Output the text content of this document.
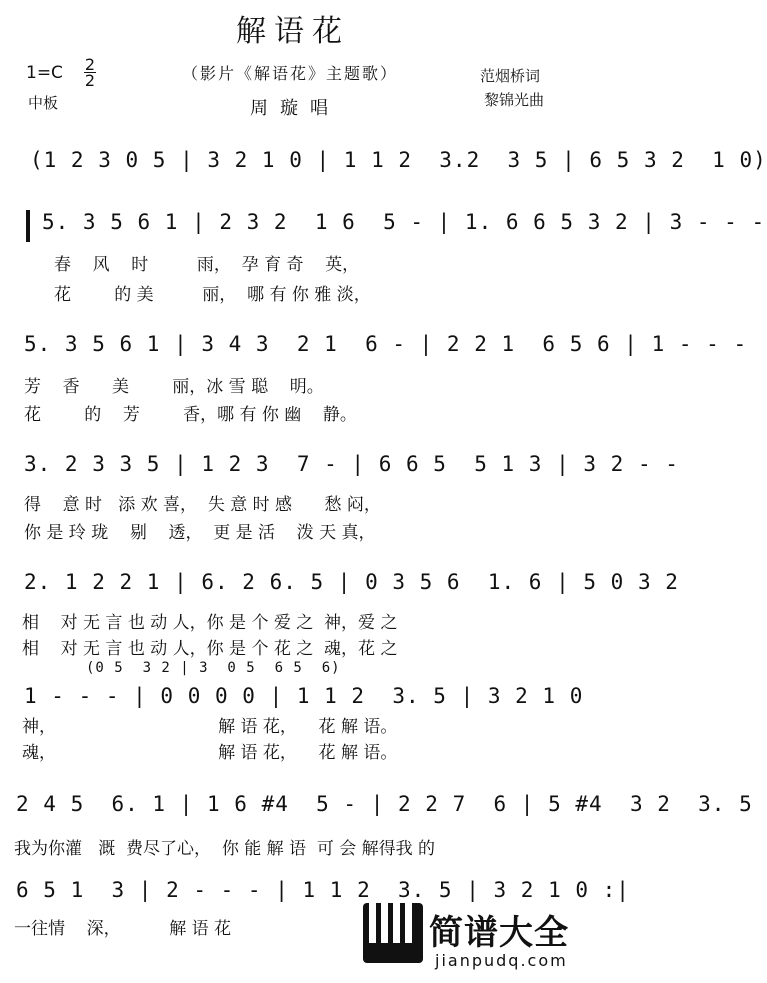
解语花
1=C 2
2
中板
（影片《解语花》主题歌）
周璇唱
范烟桥词
黎锦光曲
(1 2 3 0 5 | 3 2 1 0 | 1 1 2  3.2  3 5 | 6 5 3 2  1 0)
5. 3 5 6 1 | 2 3 2  1 6  5 - | 1. 6 6 5 3 2 | 3 - - -
春    风    时         雨，  孕 育 奇    英，
花        的 美         丽，  哪 有 你 雅 淡，
5. 3 5 6 1 | 3 4 3  2 1  6 - | 2 2 1  6 5 6 | 1 - - -
芳    香      美        丽，冰 雪 聪    明。
花        的    芳        香，哪 有 你 幽    静。
3. 2 3 3 5 | 1 2 3  7 - | 6 6 5  5 1 3 | 3 2 - -
得    意 时   添 欢 喜，  失 意 时 感      愁 闷，
你 是 玲 珑    剔    透，  更 是 活    泼 天 真，
2. 1 2 2 1 | 6. 2 6. 5 | 0 3 5 6  1. 6 | 5 0 3 2
相    对 无 言 也 动 人，你 是 个 爱 之  神，爱 之
相    对 无 言 也 动 人，你 是 个 花 之  魂，花 之
(0 5  3 2 | 3  0 5  6 5  6)
1 - - - | 0 0 0 0 | 1 1 2  3. 5 | 3 2 1 0
神，                              解 语 花，    花 解 语。
魂，                              解 语 花，    花 解 语。
2 4 5  6. 1 | 1 6 #4  5 - | 2 2 7  6 | 5 #4  3 2  3. 5
我为你灌   溉  费尽了心，  你 能 解 语  可 会 解得我 的
6 5 1  3 | 2 - - - | 1 1 2  3. 5 | 3 2 1 0 :|
一往情    深，         解 语 花	简谱大全
jianpudq.com
